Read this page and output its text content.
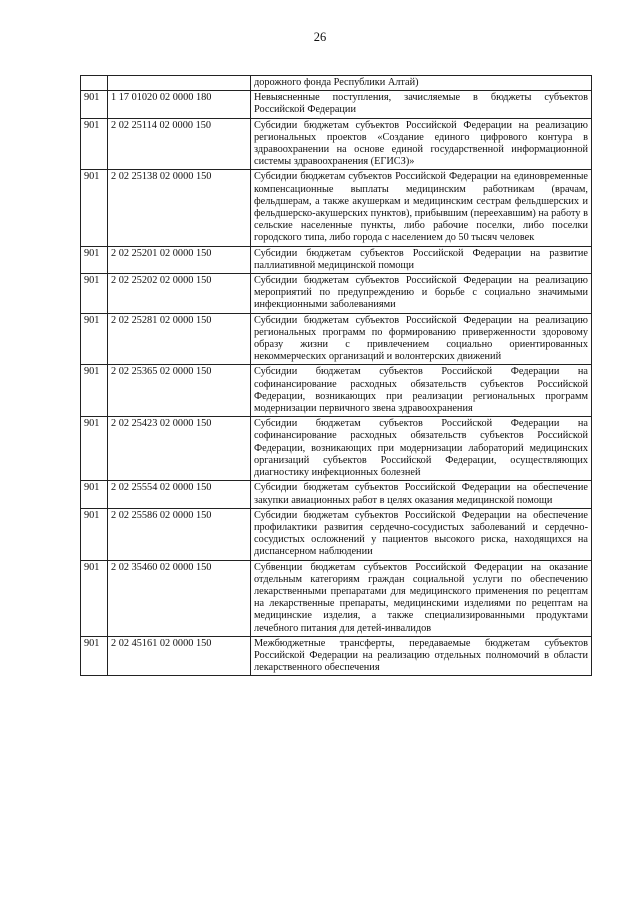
26
		дорожного фонда Республики Алтай)
901	1 17 01020 02 0000 180	Невыясненные поступления, зачисляемые в бюджеты субъектов Российской Федерации
901	2 02 25114 02 0000 150	Субсидии бюджетам субъектов Российской Федерации на реализацию региональных проектов «Создание единого цифрового контура в здравоохранении на основе единой государственной информационной системы здравоохранения (ЕГИСЗ)»
901	2 02 25138 02 0000 150	Субсидии бюджетам субъектов Российской Федерации на единовременные компенсационные выплаты медицинским работникам (врачам, фельдшерам, а также акушеркам и медицинским сестрам фельдшерских и фельдшерско-акушерских пунктов), прибывшим (переехавшим) на работу в сельские населенные пункты, либо рабочие поселки, либо поселки городского типа, либо города с населением до 50 тысяч человек
901	2 02 25201 02 0000 150	Субсидии бюджетам субъектов Российской Федерации на развитие паллиативной медицинской помощи
901	2 02 25202 02 0000 150	Субсидии бюджетам субъектов Российской Федерации на реализацию мероприятий по предупреждению и борьбе с социально значимыми инфекционными заболеваниями
901	2 02 25281 02 0000 150	Субсидии бюджетам субъектов Российской Федерации на реализацию региональных программ по формированию приверженности здоровому образу жизни с привлечением социально ориентированных некоммерческих организаций и волонтерских движений
901	2 02 25365 02 0000 150	Субсидии бюджетам субъектов Российской Федерации на софинансирование расходных обязательств субъектов Российской Федерации, возникающих при реализации региональных программ модернизации первичного звена здравоохранения
901	2 02 25423 02 0000 150	Субсидии бюджетам субъектов Российской Федерации на софинансирование расходных обязательств субъектов Российской Федерации, возникающих при модернизации лабораторий медицинских организаций субъектов Российской Федерации, осуществляющих диагностику инфекционных болезней
901	2 02 25554 02 0000 150	Субсидии бюджетам субъектов Российской Федерации на обеспечение закупки авиационных работ в целях оказания медицинской помощи
901	2 02 25586 02 0000 150	Субсидии бюджетам субъектов Российской Федерации на обеспечение профилактики развития сердечно-сосудистых заболеваний и сердечно-сосудистых осложнений у пациентов высокого риска, находящихся на диспансерном наблюдении
901	2 02 35460 02 0000 150	Субвенции бюджетам субъектов Российской Федерации на оказание отдельным категориям граждан социальной услуги по обеспечению лекарственными препаратами для медицинского применения по рецептам на лекарственные препараты, медицинскими изделиями по рецептам на медицинские изделия, а также специализированными продуктами лечебного питания для детей-инвалидов
901	2 02 45161 02 0000 150	Межбюджетные трансферты, передаваемые бюджетам субъектов Российской Федерации на реализацию отдельных полномочий в области лекарственного обеспечения
